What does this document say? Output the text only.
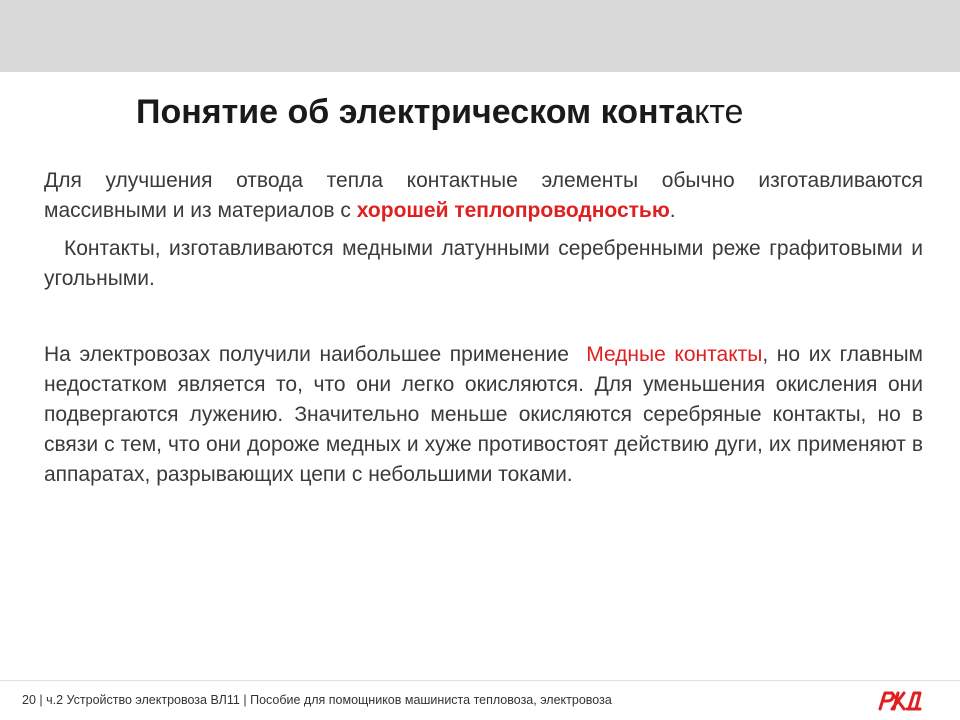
Понятие об электрическом контакте

Для улучшения отвода тепла контактные элементы обычно изготавливаются массивными и из материалов с хорошей теплопроводностью.

Контакты, изготавливаются медными латунными серебренными реже графитовыми и угольными.

На электровозах получили наибольшее применение  Медные контакты, но их главным недостатком является то, что они легко окисляются. Для уменьшения окисления они подвергаются лужению. Значительно меньше окисляются серебряные контакты, но в связи с тем, что они дороже медных и хуже противостоят действию дуги, их применяют в аппаратах, разрывающих цепи с небольшими токами.

20 | ч.2 Устройство электровоза ВЛ11 | Пособие для помощников машиниста тепловоза, электровоза
